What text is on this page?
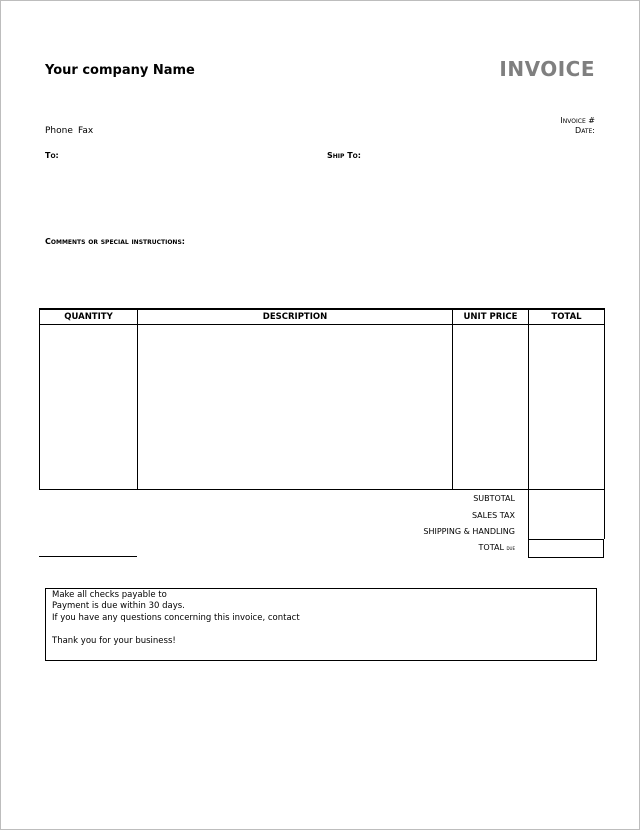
Your company Name	INVOICE
Invoice #
Date:
Phone Fax
To:	Ship To:
Comments or special instructions:
QUANTITY	DESCRIPTION	UNIT PRICE	TOTAL

SUBTOTAL
SALES TAX
SHIPPING & HANDLING
TOTAL due
Make all checks payable to
Payment is due within 30 days.
If you have any questions concerning this invoice, contact
Thank you for your business!
